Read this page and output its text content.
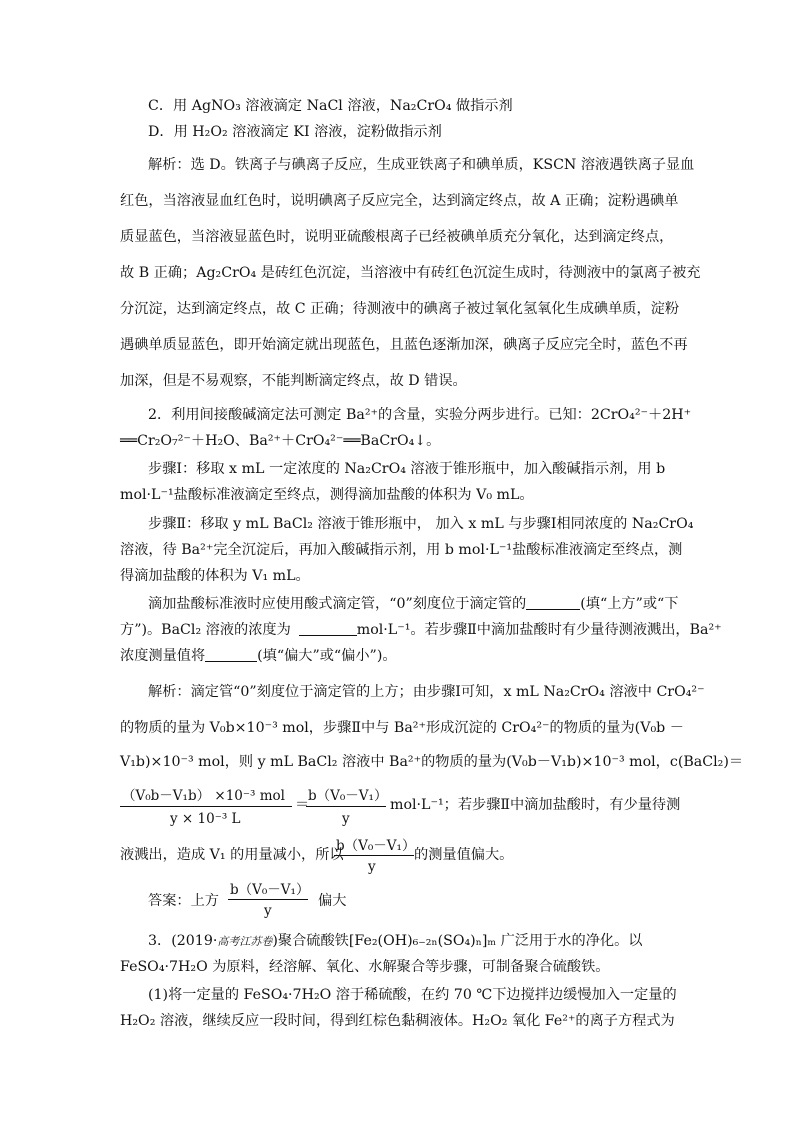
C．用 AgNO₃ 溶液滴定 NaCl 溶液，Na₂CrO₄ 做指示剂
D．用 H₂O₂ 溶液滴定 KI 溶液，淀粉做指示剂
解析：选 D。铁离子与碘离子反应，生成亚铁离子和碘单质，KSCN 溶液遇铁离子显血
红色，当溶液显血红色时，说明碘离子反应完全，达到滴定终点，故 A 正确；淀粉遇碘单
质显蓝色，当溶液显蓝色时，说明亚硫酸根离子已经被碘单质充分氧化，达到滴定终点，
故 B 正确；Ag₂CrO₄ 是砖红色沉淀，当溶液中有砖红色沉淀生成时，待测液中的氯离子被充
分沉淀，达到滴定终点，故 C 正确；待测液中的碘离子被过氧化氢氧化生成碘单质，淀粉
遇碘单质显蓝色，即开始滴定就出现蓝色，且蓝色逐渐加深，碘离子反应完全时，蓝色不再
加深，但是不易观察，不能判断滴定终点，故 D 错误。
2．利用间接酸碱滴定法可测定 Ba²⁺的含量，实验分两步进行。已知：2CrO₄²⁻＋2H⁺
══Cr₂O₇²⁻＋H₂O、Ba²⁺＋CrO₄²⁻══BaCrO₄↓。
步骤Ⅰ：移取 x mL 一定浓度的 Na₂CrO₄ 溶液于锥形瓶中，加入酸碱指示剂，用 b
mol·L⁻¹盐酸标准液滴定至终点，测得滴加盐酸的体积为 V₀ mL。
步骤Ⅱ：移取 y mL BaCl₂ 溶液于锥形瓶中， 加入 x mL 与步骤Ⅰ相同浓度的 Na₂CrO₄
溶液，待 Ba²⁺完全沉淀后，再加入酸碱指示剂，用 b mol·L⁻¹盐酸标准液滴定至终点，测
得滴加盐酸的体积为 V₁ mL。
滴加盐酸标准液时应使用酸式滴定管，“0”刻度位于滴定管的	(填“上方”或“下
方”)。BaCl₂ 溶液的浓度为	mol·L⁻¹。若步骤Ⅱ中滴加盐酸时有少量待测液溅出，Ba²⁺
浓度测量值将	(填“偏大”或“偏小”)。
解析：滴定管“0”刻度位于滴定管的上方；由步骤Ⅰ可知，x mL Na₂CrO₄ 溶液中 CrO₄²⁻
的物质的量为 V₀b×10⁻³ mol，步骤Ⅱ中与 Ba²⁺形成沉淀的 CrO₄²⁻的物质的量为(V₀b －
V₁b)×10⁻³ mol，则 y mL BaCl₂ 溶液中 Ba²⁺的物质的量为(V₀b－V₁b)×10⁻³ mol，c(BaCl₂)＝
（V₀b－V₁b） ×10⁻³ mol
y × 10⁻³ L
＝
b（V₀－V₁）
y
mol·L⁻¹；若步骤Ⅱ中滴加盐酸时，有少量待测
液溅出，造成 V₁ 的用量减小，所以
b（V₀－V₁）
y
的测量值偏大。
答案：上方
b（V₀－V₁）
y
偏大
3．(2019·高考江苏卷)聚合硫酸铁[Fe₂(OH)₆₋₂ₙ(SO₄)ₙ]ₘ 广泛用于水的净化。以
FeSO₄·7H₂O 为原料，经溶解、氧化、水解聚合等步骤，可制备聚合硫酸铁。
(1)将一定量的 FeSO₄·7H₂O 溶于稀硫酸，在约 70 ℃下边搅拌边缓慢加入一定量的
H₂O₂ 溶液，继续反应一段时间，得到红棕色黏稠液体。H₂O₂ 氧化 Fe²⁺的离子方程式为
